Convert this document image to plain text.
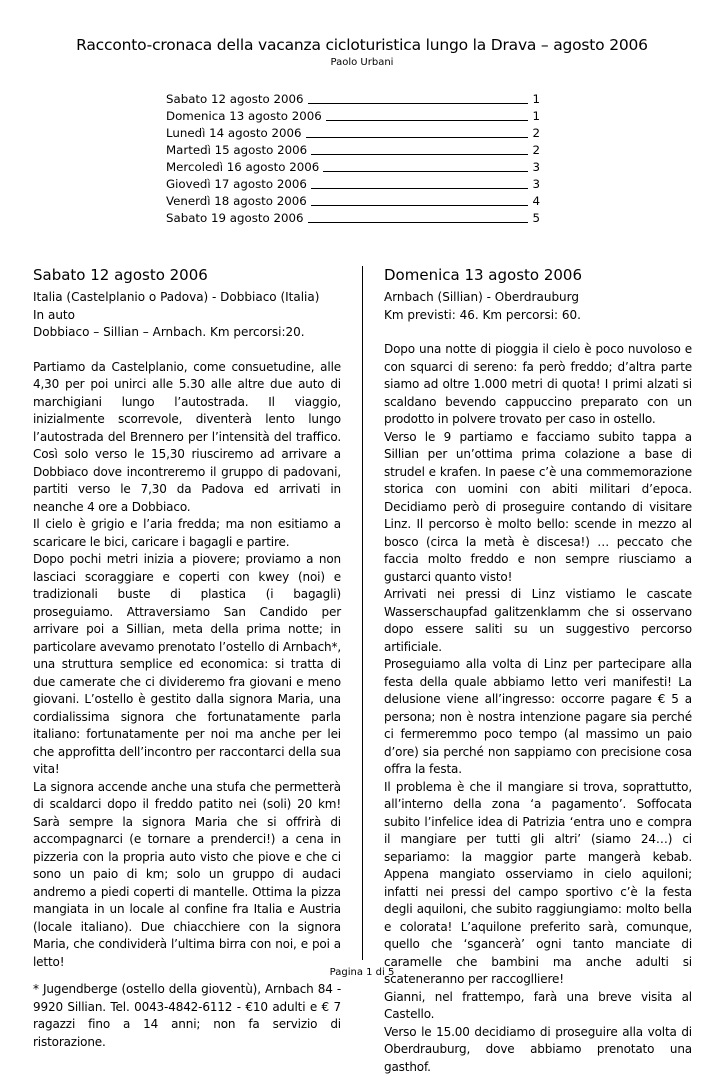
Racconto-cronaca della vacanza cicloturistica lungo la Drava – agosto 2006
Paolo Urbani
Sabato 12 agosto 2006	1
Domenica 13 agosto 2006	1
Lunedì 14 agosto 2006	2
Martedì 15 agosto 2006	2
Mercoledì 16 agosto 2006	3
Giovedì 17 agosto 2006	3
Venerdì 18 agosto 2006	4
Sabato 19 agosto 2006	5
Sabato 12 agosto 2006
Italia (Castelplanio o Padova) - Dobbiaco (Italia)
In auto
Dobbiaco – Sillian – Arnbach. Km percorsi:20.

Partiamo da Castelplanio, come consuetudine, alle 4,30 per poi unirci alle 5.30 alle altre due auto di marchigiani lungo l’autostrada. Il viaggio, inizialmente scorrevole, diventerà lento lungo l’autostrada del Brennero per l’intensità del traffico. Così solo verso le 15,30 riusciremo ad arrivare a Dobbiaco dove incontreremo il gruppo di padovani, partiti verso le 7,30 da Padova ed arrivati in neanche 4 ore a Dobbiaco.

Il cielo è grigio e l’aria fredda; ma non esitiamo a scaricare le bici, caricare i bagagli e partire.

Dopo pochi metri inizia a piovere; proviamo a non lasciaci scoraggiare e coperti con kwey (noi) e tradizionali buste di plastica (i bagagli) proseguiamo. Attraversiamo San Candido per arrivare poi a Sillian, meta della prima notte; in particolare avevamo prenotato l’ostello di Arnbach*, una struttura semplice ed economica: si tratta di due camerate che ci divideremo fra giovani e meno giovani. L’ostello è gestito dalla signora Maria, una cordialissima signora che fortunatamente parla italiano: fortunatamente per noi ma anche per lei che approfitta dell’incontro per raccontarci della sua vita!

La signora accende anche una stufa che permetterà di scaldarci dopo il freddo patito nei (soli) 20 km! Sarà sempre la signora Maria che si offrirà di accompagnarci (e tornare a prenderci!) a cena in pizzeria con la propria auto visto che piove e che ci sono un paio di km; solo un gruppo di audaci andremo a piedi coperti di mantelle. Ottima la pizza mangiata in un locale al confine fra Italia e Austria (locale italiano). Due chiacchiere con la signora Maria, che condividerà l’ultima birra con noi, e poi a letto!

* Jugendberge (ostello della gioventù), Arnbach 84 - 9920 Sillian. Tel. 0043-4842-6112 - €10 adulti e € 7 ragazzi fino a 14 anni; non fa servizio di ristorazione.

Domenica 13 agosto 2006
Arnbach (Sillian) - Oberdrauburg
Km previsti: 46. Km percorsi: 60.

Dopo una notte di pioggia il cielo è poco nuvoloso e con squarci di sereno: fa però freddo; d’altra parte siamo ad oltre 1.000 metri di quota! I primi alzati si scaldano bevendo cappuccino preparato con un prodotto in polvere trovato per caso in ostello.

Verso le 9 partiamo e facciamo subito tappa a Sillian per un’ottima prima colazione a base di strudel e krafen. In paese c’è una commemorazione storica con uomini con abiti militari d’epoca. Decidiamo però di proseguire contando di visitare Linz. Il percorso è molto bello: scende in mezzo al bosco (circa la metà è discesa!) … peccato che faccia molto freddo e non sempre riusciamo a gustarci quanto visto!

Arrivati nei pressi di Linz vistiamo le cascate Wasserschaupfad galitzenklamm che si osservano dopo essere saliti su un suggestivo percorso artificiale.

Proseguiamo alla volta di Linz per partecipare alla festa della quale abbiamo letto veri manifesti! La delusione viene all’ingresso: occorre pagare € 5 a persona; non è nostra intenzione pagare sia perché ci fermeremmo poco tempo (al massimo un paio d’ore) sia perché non sappiamo con precisione cosa offra la festa.

Il problema è che il mangiare si trova, soprattutto, all’interno della zona ‘a pagamento’. Soffocata subito l’infelice idea di Patrizia ‘entra uno e compra il mangiare per tutti gli altri’ (siamo 24…) ci separiamo: la maggior parte mangerà kebab. Appena mangiato osserviamo in cielo aquiloni; infatti nei pressi del campo sportivo c’è la festa degli aquiloni, che subito raggiungiamo: molto bella e colorata! L’aquilone preferito sarà, comunque, quello che ‘sgancerà’ ogni tanto manciate di caramelle che bambini ma anche adulti si scateneranno per raccoglliere!

Gianni, nel frattempo, farà una breve visita al Castello.

Verso le 15.00 decidiamo di proseguire alla volta di Oberdrauburg, dove abbiamo prenotato una gasthof.

Pagina 1 di 5
